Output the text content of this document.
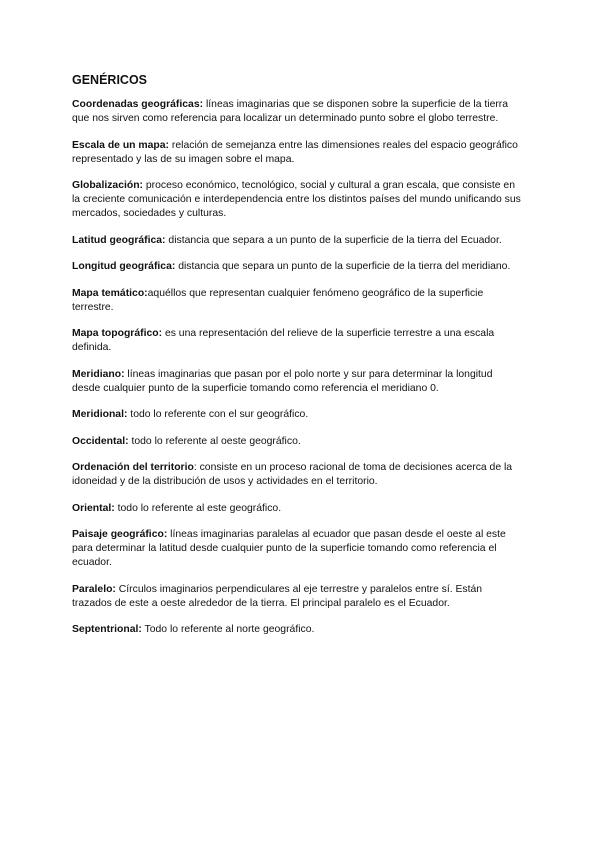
GENÉRICOS

Coordenadas geográficas: líneas imaginarias que se disponen sobre la superficie de la tierra que nos sirven como referencia para localizar un determinado punto sobre el globo terrestre.

Escala de un mapa: relación de semejanza entre las dimensiones reales del espacio geográfico representado y las de su imagen sobre el mapa.

Globalización: proceso económico, tecnológico, social y cultural a gran escala, que consiste en la creciente comunicación e interdependencia entre los distintos países del mundo unificando sus mercados, sociedades y culturas.

Latitud geográfica: distancia que separa a un punto de la superficie de la tierra del Ecuador.

Longitud geográfica: distancia que separa un punto de la superficie de la tierra del meridiano.

Mapa temático:aquéllos que representan cualquier fenómeno geográfico de la superficie terrestre.

Mapa topográfico: es una representación del relieve de la superficie terrestre a una escala definida.

Meridiano: líneas imaginarias que pasan por el polo norte y sur para determinar la longitud desde cualquier punto de la superficie tomando como referencia el meridiano 0.

Meridional: todo lo referente con el sur geográfico.

Occidental: todo lo referente al oeste geográfico.

Ordenación del territorio: consiste en un proceso racional de toma de decisiones acerca de la idoneidad y de la distribución de usos y actividades en el territorio.

Oriental: todo lo referente al este geográfico.

Paisaje geográfico: líneas imaginarias paralelas al ecuador que pasan desde el oeste al este para determinar la latitud desde cualquier punto de la superficie tomando como referencia el ecuador.

Paralelo: Círculos imaginarios perpendiculares al eje terrestre y paralelos entre sí. Están trazados de este a oeste alrededor de la tierra. El principal paralelo es el Ecuador.

Septentrional: Todo lo referente al norte geográfico.
